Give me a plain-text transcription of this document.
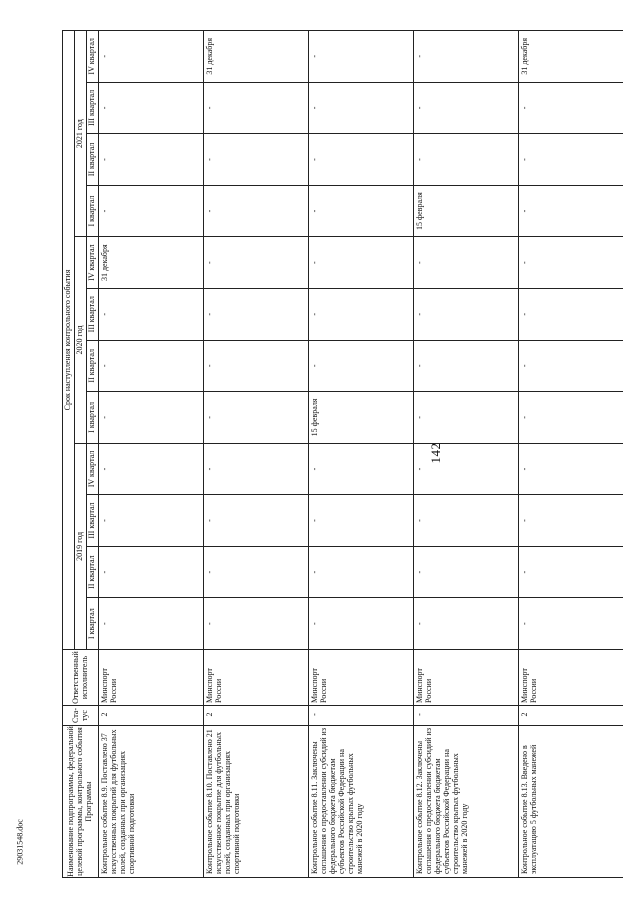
142
29031548.doc	Наименование подпрограммы, федеральной целевой программы, контрольного события Программы	Ста-тус	Ответственный исполнитель	Срок наступления контрольного события											
			2019 год				2020 год				2021 год			
			I квартал	II квартал	III квартал	IV квартал	I квартал	II квартал	III квартал	IV квартал	I квартал	II квартал	III квартал	IV квартал
Контрольное событие 8.9. Поставлено 37 искусственных покрытий для футбольных полей, созданных при организациях спортивной подготовки	2	Минспорт России	-	-	-	-	-	-	-	31 декабря	-	-	-	-
Контрольное событие 8.10. Поставлено 21 искусственное покрытие для футбольных полей, созданных при организациях спортивной подготовки	2	Минспорт России	-	-	-	-	-	-	-	-	-	-	-	31 декабря
Контрольное событие 8.11. Заключены соглашения о предоставлении субсидий из федерального бюджета бюджетам субъектов Российской Федерации на строительство крытых футбольных манежей в 2020 году	-	Минспорт России	-	-	-	-	15 февраля	-	-	-	-	-	-	-
Контрольное событие 8.12. Заключены соглашения о предоставлении субсидий из федерального бюджета бюджетам субъектов Российской Федерации на строительство крытых футбольных манежей в 2020 году	-	Минспорт России	-	-	-	-	-	-	-	-	15 февраля	-	-	-
Контрольное событие 8.13. Введено в эксплуатацию 5 футбольных манежей	2	Минспорт России	-	-	-	-	-	-	-	-	-	-	-	31 декабря
